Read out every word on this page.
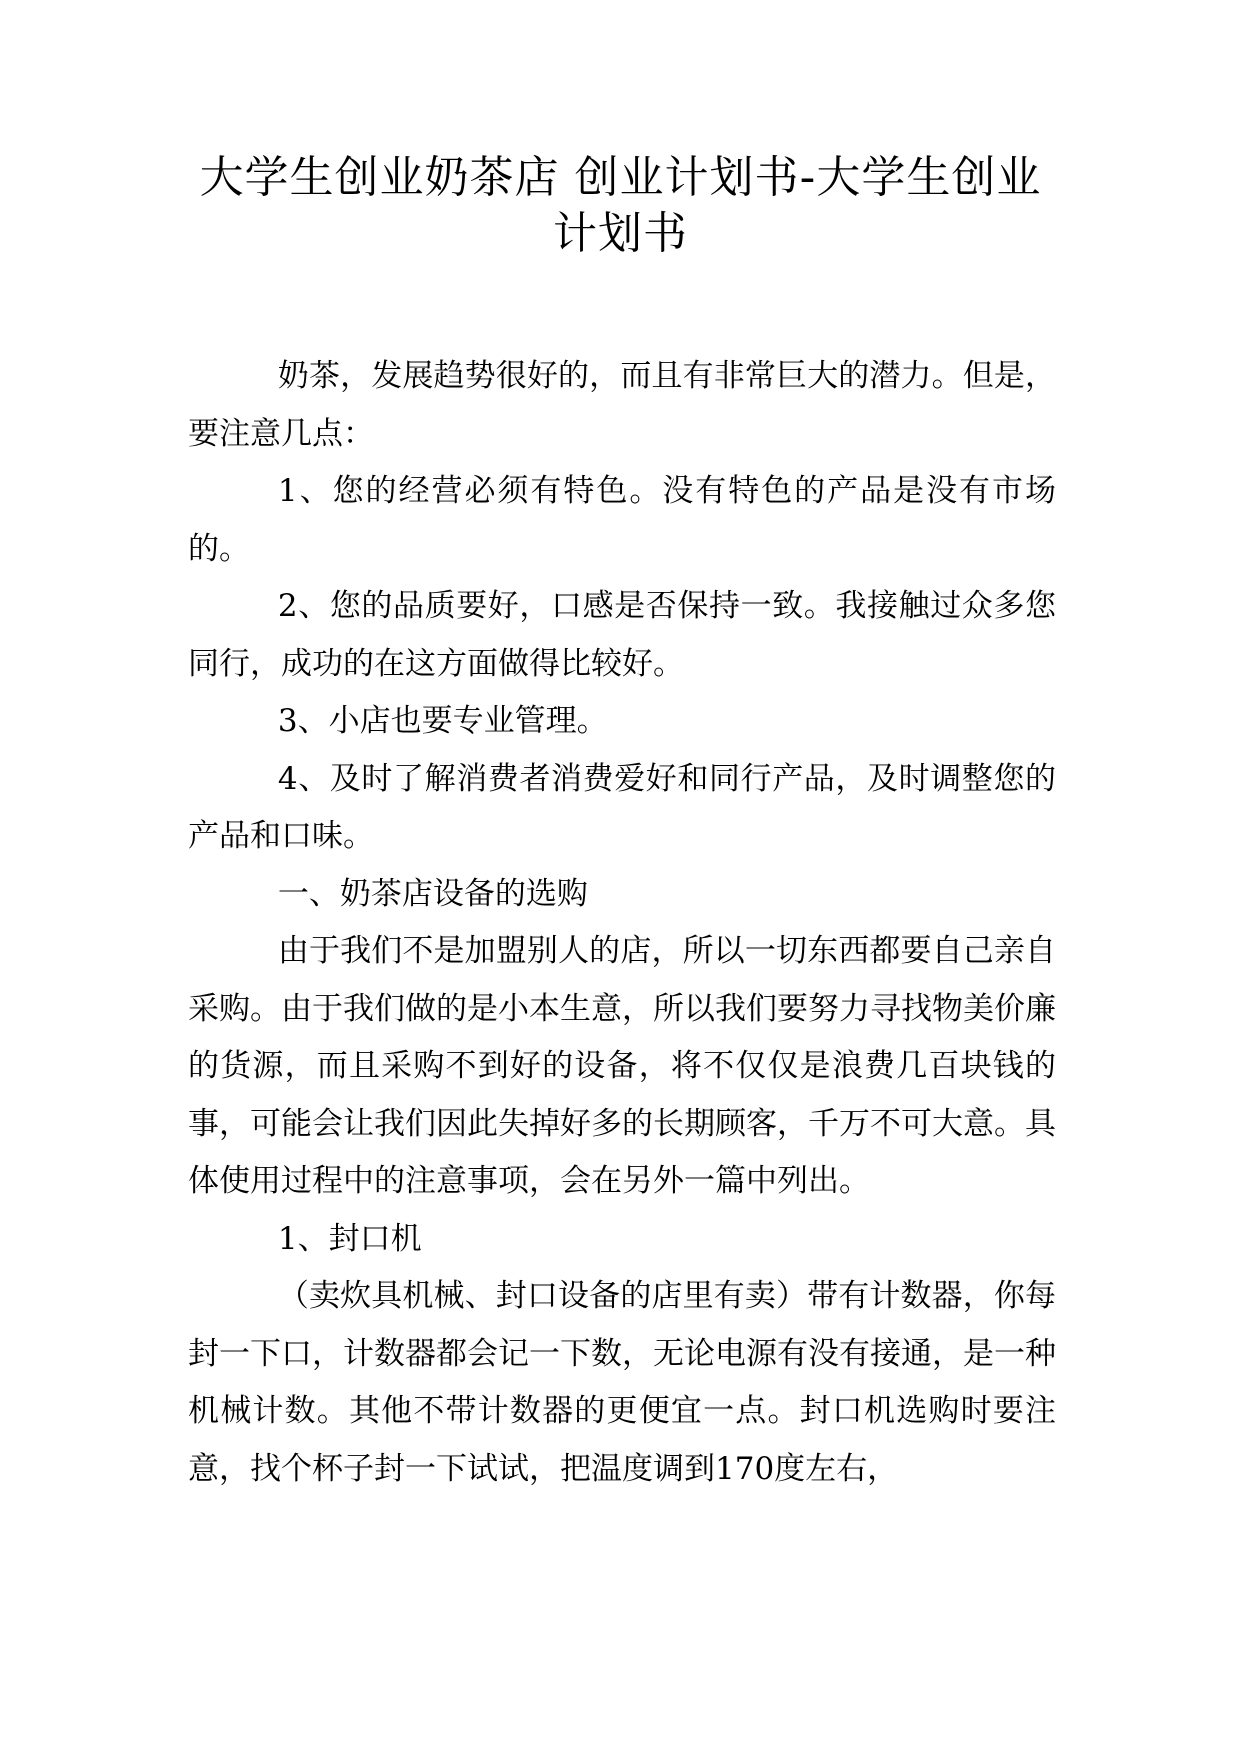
大学生创业奶茶店 创业计划书-大学生创业
计划书

奶茶，发展趋势很好的，而且有非常巨大的潜力。但是，要注意几点：

1、您的经营必须有特色。没有特色的产品是没有市场的。

2、您的品质要好，口感是否保持一致。我接触过众多您同行，成功的在这方面做得比较好。

3、小店也要专业管理。

4、及时了解消费者消费爱好和同行产品，及时调整您的产品和口味。

一、奶茶店设备的选购

由于我们不是加盟别人的店，所以一切东西都要自己亲自采购。由于我们做的是小本生意，所以我们要努力寻找物美价廉的货源，而且采购不到好的设备，将不仅仅是浪费几百块钱的事，可能会让我们因此失掉好多的长期顾客，千万不可大意。具体使用过程中的注意事项，会在另外一篇中列出。

1、封口机

（卖炊具机械、封口设备的店里有卖）带有计数器，你每封一下口，计数器都会记一下数，无论电源有没有接通，是一种机械计数。其他不带计数器的更便宜一点。封口机选购时要注意，找个杯子封一下试试，把温度调到170度左右，
